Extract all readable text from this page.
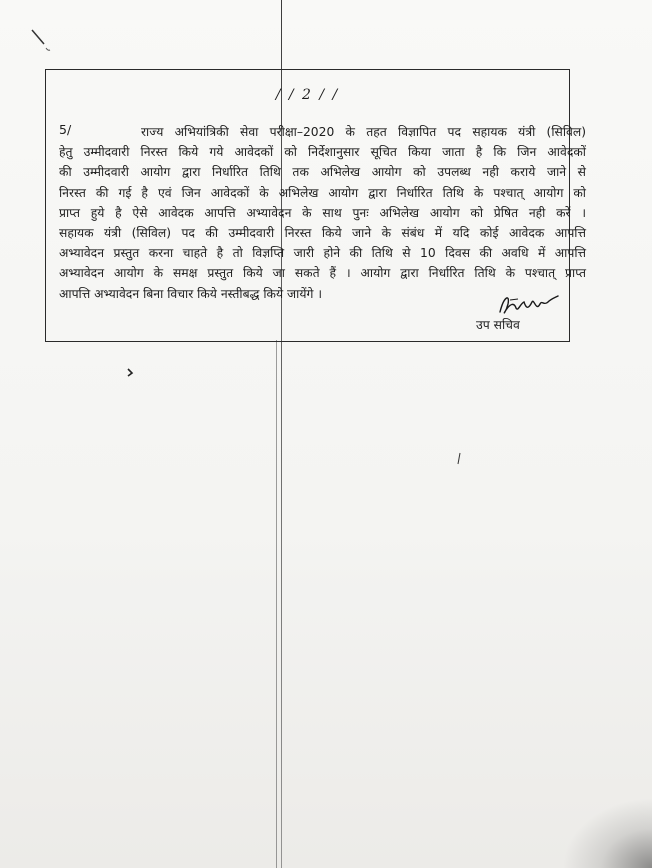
/ / 2 / /
5/	राज्य अभियांत्रिकी सेवा परीक्षा–2020 के तहत विज्ञापित पद सहायक यंत्री (सिविल)
हेतु उम्मीदवारी निरस्त किये गये आवेदकों को निर्देशानुसार सूचित किया जाता है कि जिन आवेदकों
की उम्मीदवारी आयोग द्वारा निर्धारित तिथि तक अभिलेख आयोग को उपलब्ध नही कराये जाने से
निरस्त की गई है एवं जिन आवेदकों के अभिलेख आयोग द्वारा निर्धारित तिथि के पश्चात् आयोग को
प्राप्त हुये है ऐसे आवेदक आपत्ति अभ्यावेदन के साथ पुनः अभिलेख आयोग को प्रेषित नही करें ।
सहायक यंत्री (सिविल) पद की उम्मीदवारी निरस्त किये जाने के संबंध में यदि कोई आवेदक आपत्ति
अभ्यावेदन प्रस्तुत करना चाहते है तो विज्ञप्ति जारी होने की तिथि से 10 दिवस की अवधि में आपत्ति
अभ्यावेदन आयोग के समक्ष प्रस्तुत किये जा सकते हैं । आयोग द्वारा निर्धारित तिथि के पश्चात् प्राप्त
आपत्ति अभ्यावेदन बिना विचार किये नस्तीबद्ध किये जायेंगे ।
उप सचिव
